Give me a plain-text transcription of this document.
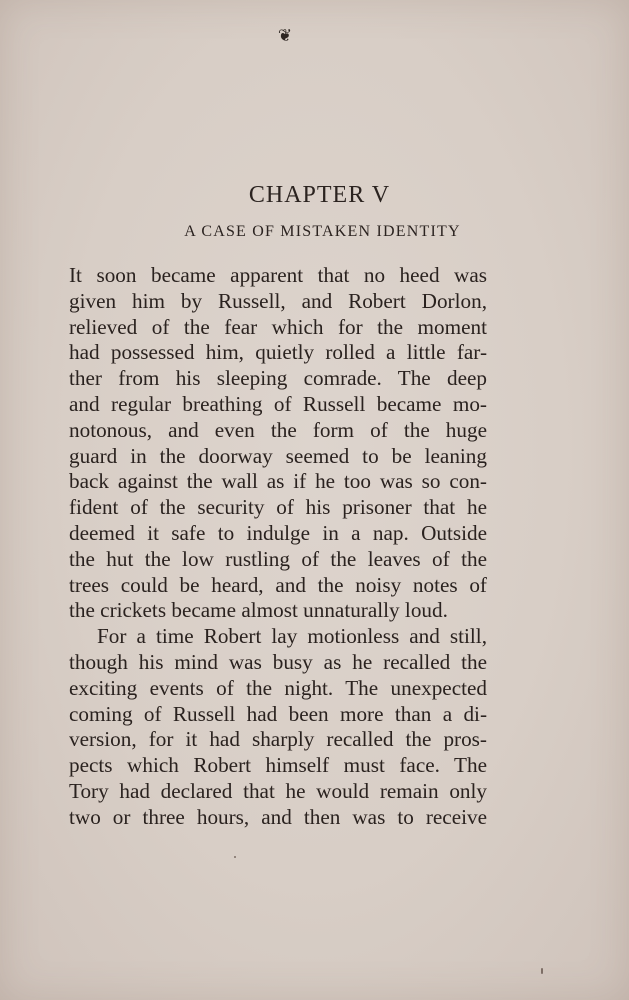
❦
CHAPTER V
A CASE OF MISTAKEN IDENTITY
It soon became apparent that no heed was
given him by Russell, and Robert Dorlon,
relieved of the fear which for the moment
had possessed him, quietly rolled a little far-
ther from his sleeping comrade. The deep
and regular breathing of Russell became mo-
notonous, and even the form of the huge
guard in the doorway seemed to be leaning
back against the wall as if he too was so con-
fident of the security of his prisoner that he
deemed it safe to indulge in a nap. Outside
the hut the low rustling of the leaves of the
trees could be heard, and the noisy notes of
the crickets became almost unnaturally loud.
For a time Robert lay motionless and still,
though his mind was busy as he recalled the
exciting events of the night. The unexpected
coming of Russell had been more than a di-
version, for it had sharply recalled the pros-
pects which Robert himself must face. The
Tory had declared that he would remain only
two or three hours, and then was to receive
